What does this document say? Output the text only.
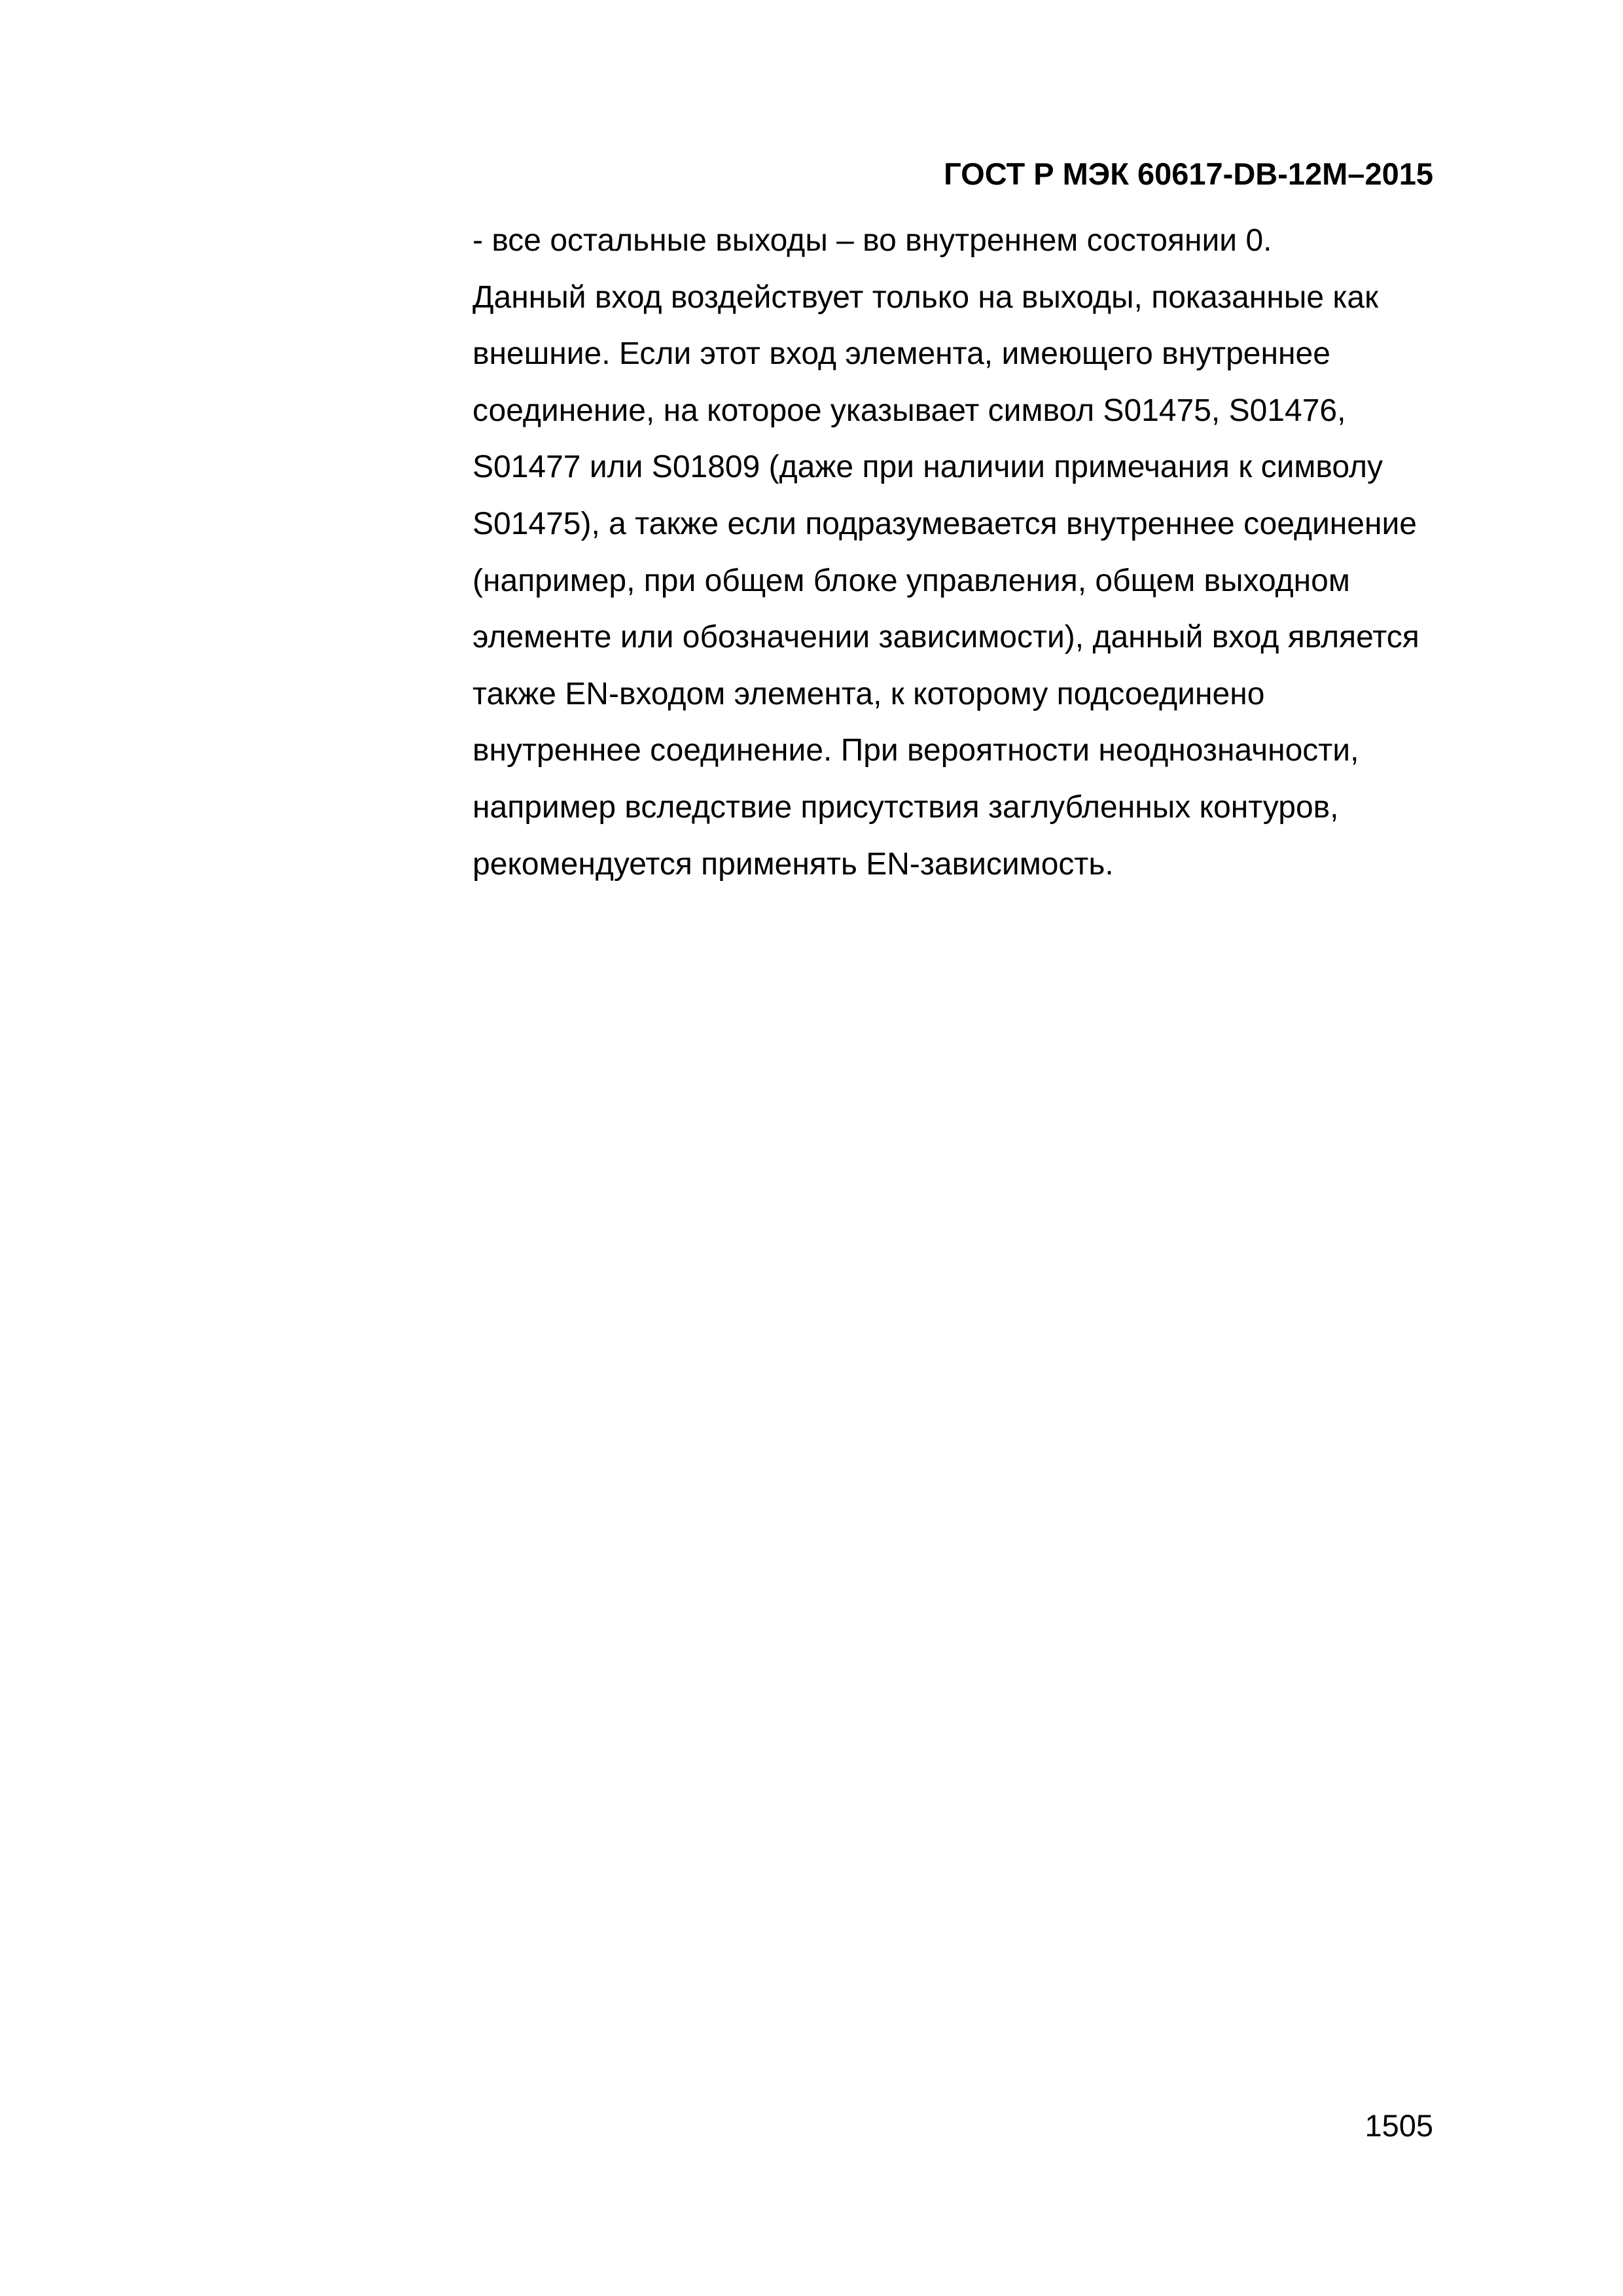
ГОСТ Р МЭК 60617-DB-12M–2015
- все остальные выходы – во внутреннем состоянии 0.
Данный вход воздействует только на выходы, показанные как
внешние. Если этот вход элемента, имеющего внутреннее
соединение, на которое указывает символ S01475, S01476,
S01477 или S01809 (даже при наличии примечания к символу
S01475), а также если подразумевается внутреннее соединение
(например, при общем блоке управления, общем выходном
элементе или обозначении зависимости), данный вход является
также EN-входом элемента, к которому подсоединено
внутреннее соединение. При вероятности неоднозначности,
например вследствие присутствия заглубленных контуров,
рекомендуется применять EN-зависимость.
1505
